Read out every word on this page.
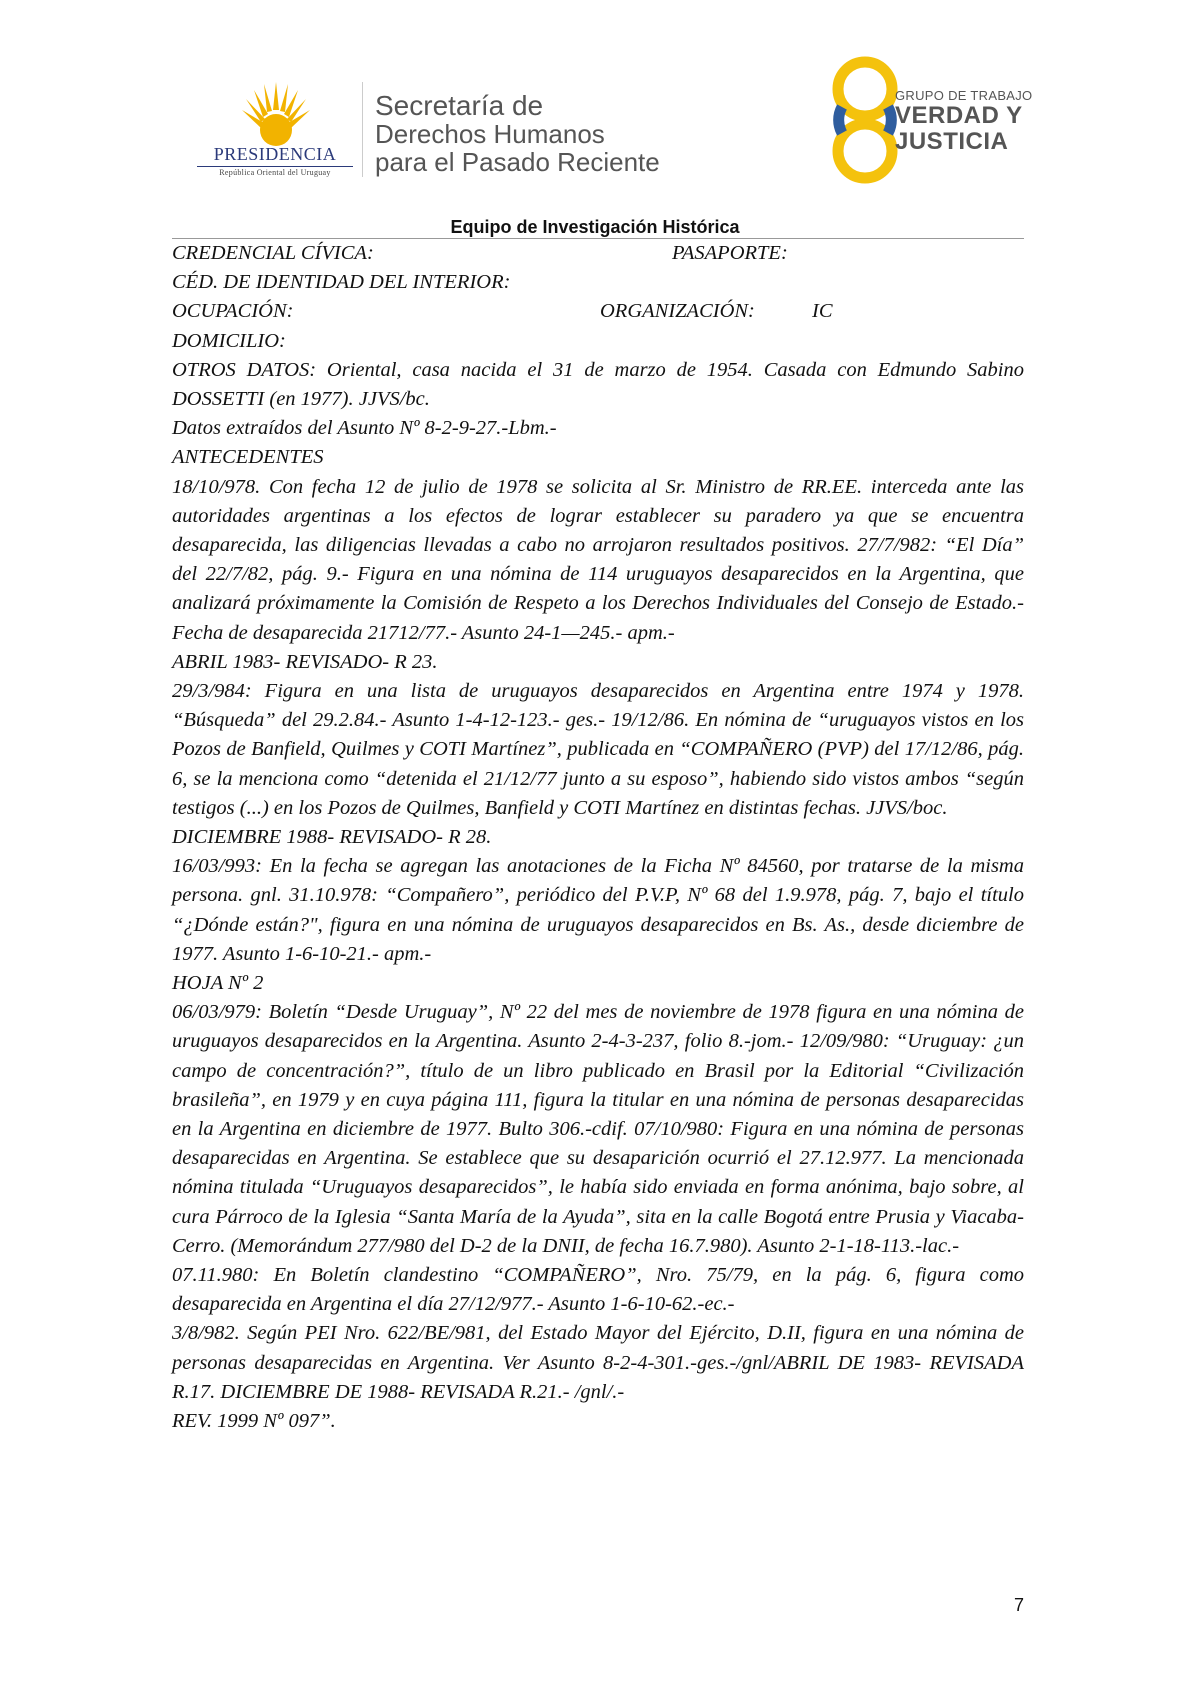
PRESIDENCIA
República Oriental del Uruguay
Secretaría de
Derechos Humanos
para el Pasado Reciente
GRUPO DE TRABAJO
VERDAD Y
JUSTICIA
Equipo de Investigación Histórica
CREDENCIAL CÍVICA:	PASAPORTE:
CÉD. DE IDENTIDAD DEL INTERIOR:
OCUPACIÓN:	ORGANIZACIÓN:	IC
DOMICILIO:

OTROS DATOS: Oriental, casa nacida el 31 de marzo de 1954. Casada con Edmundo Sabino DOSSETTI (en 1977). JJVS/bc.

Datos extraídos del Asunto Nº 8-2-9-27.-Lbm.-

ANTECEDENTES

18/10/978. Con fecha 12 de julio de 1978 se solicita al Sr. Ministro de RR.EE. interceda ante las autoridades argentinas a los efectos de lograr establecer su paradero ya que se encuentra desaparecida, las diligencias llevadas a cabo no arrojaron resultados positivos. 27/7/982: “El Día” del 22/7/82, pág. 9.- Figura en una nómina de 114 uruguayos desaparecidos en la Argentina, que analizará próximamente la Comisión de Respeto a los Derechos Individuales del Consejo de Estado.- Fecha de desaparecida 21712/77.- Asunto 24-1—245.- apm.-

ABRIL 1983- REVISADO- R 23.

29/3/984: Figura en una lista de uruguayos desaparecidos en Argentina entre 1974 y 1978. “Búsqueda” del 29.2.84.- Asunto 1-4-12-123.- ges.- 19/12/86. En nómina de “uruguayos vistos en los Pozos de Banfield, Quilmes y COTI Martínez”, publicada en “COMPAÑERO (PVP) del 17/12/86, pág. 6, se la menciona como “detenida el 21/12/77 junto a su esposo”, habiendo sido vistos ambos “según testigos (...) en los Pozos de Quilmes, Banfield y COTI Martínez en distintas fechas. JJVS/boc.

DICIEMBRE 1988- REVISADO- R 28.

16/03/993: En la fecha se agregan las anotaciones de la Ficha Nº 84560, por tratarse de la misma persona. gnl. 31.10.978: “Compañero”, periódico del P.V.P, Nº 68 del 1.9.978, pág. 7, bajo el título “¿Dónde están?", figura en una nómina de uruguayos desaparecidos en Bs. As., desde diciembre de 1977. Asunto 1-6-10-21.- apm.-

HOJA Nº 2

06/03/979: Boletín “Desde Uruguay”, Nº 22 del mes de noviembre de 1978 figura en una nómina de uruguayos desaparecidos en la Argentina. Asunto 2-4-3-237, folio 8.-jom.- 12/09/980: “Uruguay: ¿un campo de concentración?”, título de un libro publicado en Brasil por la Editorial “Civilización brasileña”, en 1979 y en cuya página 111, figura la titular en una nómina de personas desaparecidas en la Argentina en diciembre de 1977. Bulto 306.-cdif. 07/10/980: Figura en una nómina de personas desaparecidas en Argentina. Se establece que su desaparición ocurrió el 27.12.977. La mencionada nómina titulada “Uruguayos desaparecidos”, le había sido enviada en forma anónima, bajo sobre, al cura Párroco de la Iglesia “Santa María de la Ayuda”, sita en la calle Bogotá entre Prusia y Viacaba- Cerro. (Memorándum 277/980 del D-2 de la DNII, de fecha 16.7.980). Asunto 2-1-18-113.-lac.-

07.11.980: En Boletín clandestino “COMPAÑERO”, Nro. 75/79, en la pág. 6, figura como desaparecida en Argentina el día 27/12/977.- Asunto 1-6-10-62.-ec.-

3/8/982. Según PEI Nro. 622/BE/981, del Estado Mayor del Ejército, D.II, figura en una nómina de personas desaparecidas en Argentina. Ver Asunto 8-2-4-301.-ges.-/gnl/ABRIL DE 1983- REVISADA R.17. DICIEMBRE DE 1988- REVISADA R.21.- /gnl/.-

REV. 1999 Nº 097”.

7
